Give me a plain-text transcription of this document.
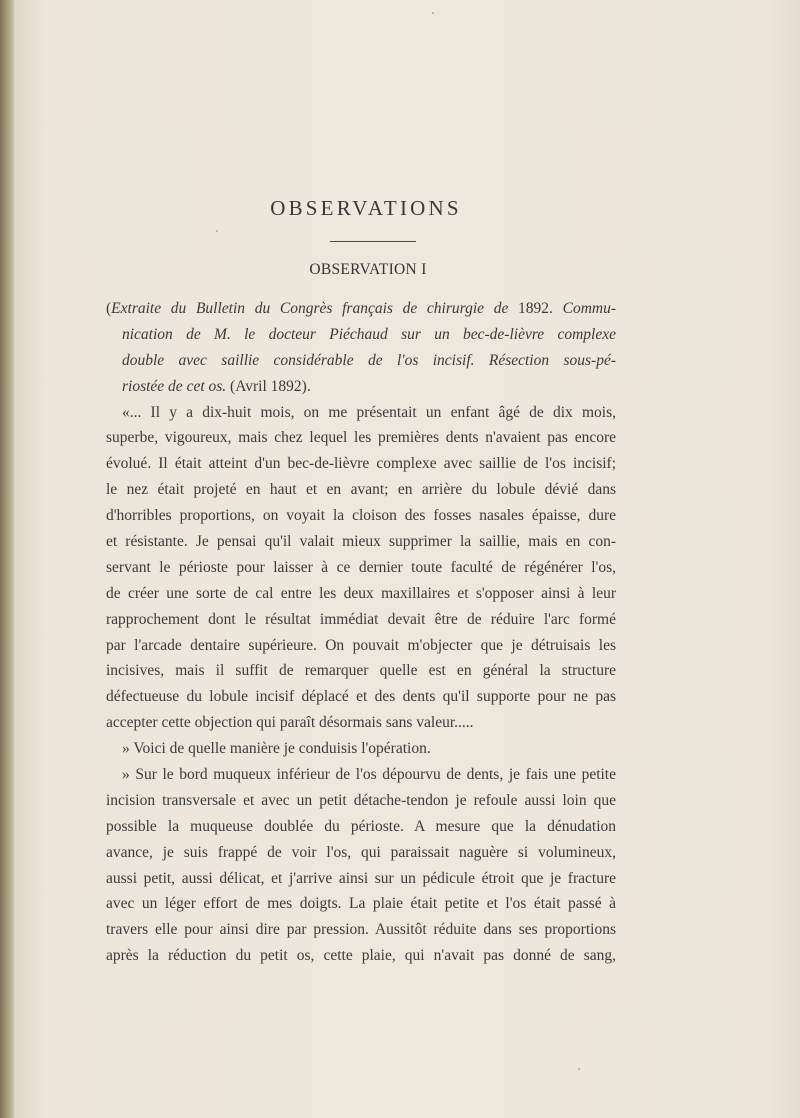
OBSERVATIONS
OBSERVATION I
(Extraite du Bulletin du Congrès français de chirurgie de 1892. Commu-
nication de M. le docteur Piéchaud sur un bec-de-lièvre complexe
double avec saillie considérable de l'os incisif. Résection sous-pé-
riostée de cet os. (Avril 1892).
«... Il y a dix-huit mois, on me présentait un enfant âgé de dix mois,
superbe, vigoureux, mais chez lequel les premières dents n'avaient pas encore
évolué. Il était atteint d'un bec-de-lièvre complexe avec saillie de l'os incisif;
le nez était projeté en haut et en avant; en arrière du lobule dévié dans
d'horribles proportions, on voyait la cloison des fosses nasales épaisse, dure
et résistante. Je pensai qu'il valait mieux supprimer la saillie, mais en con-
servant le périoste pour laisser à ce dernier toute faculté de régénérer l'os,
de créer une sorte de cal entre les deux maxillaires et s'opposer ainsi à leur
rapprochement dont le résultat immédiat devait être de réduire l'arc formé
par l'arcade dentaire supérieure. On pouvait m'objecter que je détruisais les
incisives, mais il suffit de remarquer quelle est en général la structure
défectueuse du lobule incisif déplacé et des dents qu'il supporte pour ne pas
accepter cette objection qui paraît désormais sans valeur.....
» Voici de quelle manière je conduisis l'opération.
» Sur le bord muqueux inférieur de l'os dépourvu de dents, je fais une petite
incision transversale et avec un petit détache-tendon je refoule aussi loin que
possible la muqueuse doublée du périoste. A mesure que la dénudation
avance, je suis frappé de voir l'os, qui paraissait naguère si volumineux,
aussi petit, aussi délicat, et j'arrive ainsi sur un pédicule étroit que je fracture
avec un léger effort de mes doigts. La plaie était petite et l'os était passé à
travers elle pour ainsi dire par pression. Aussitôt réduite dans ses proportions
après la réduction du petit os, cette plaie, qui n'avait pas donné de sang,
